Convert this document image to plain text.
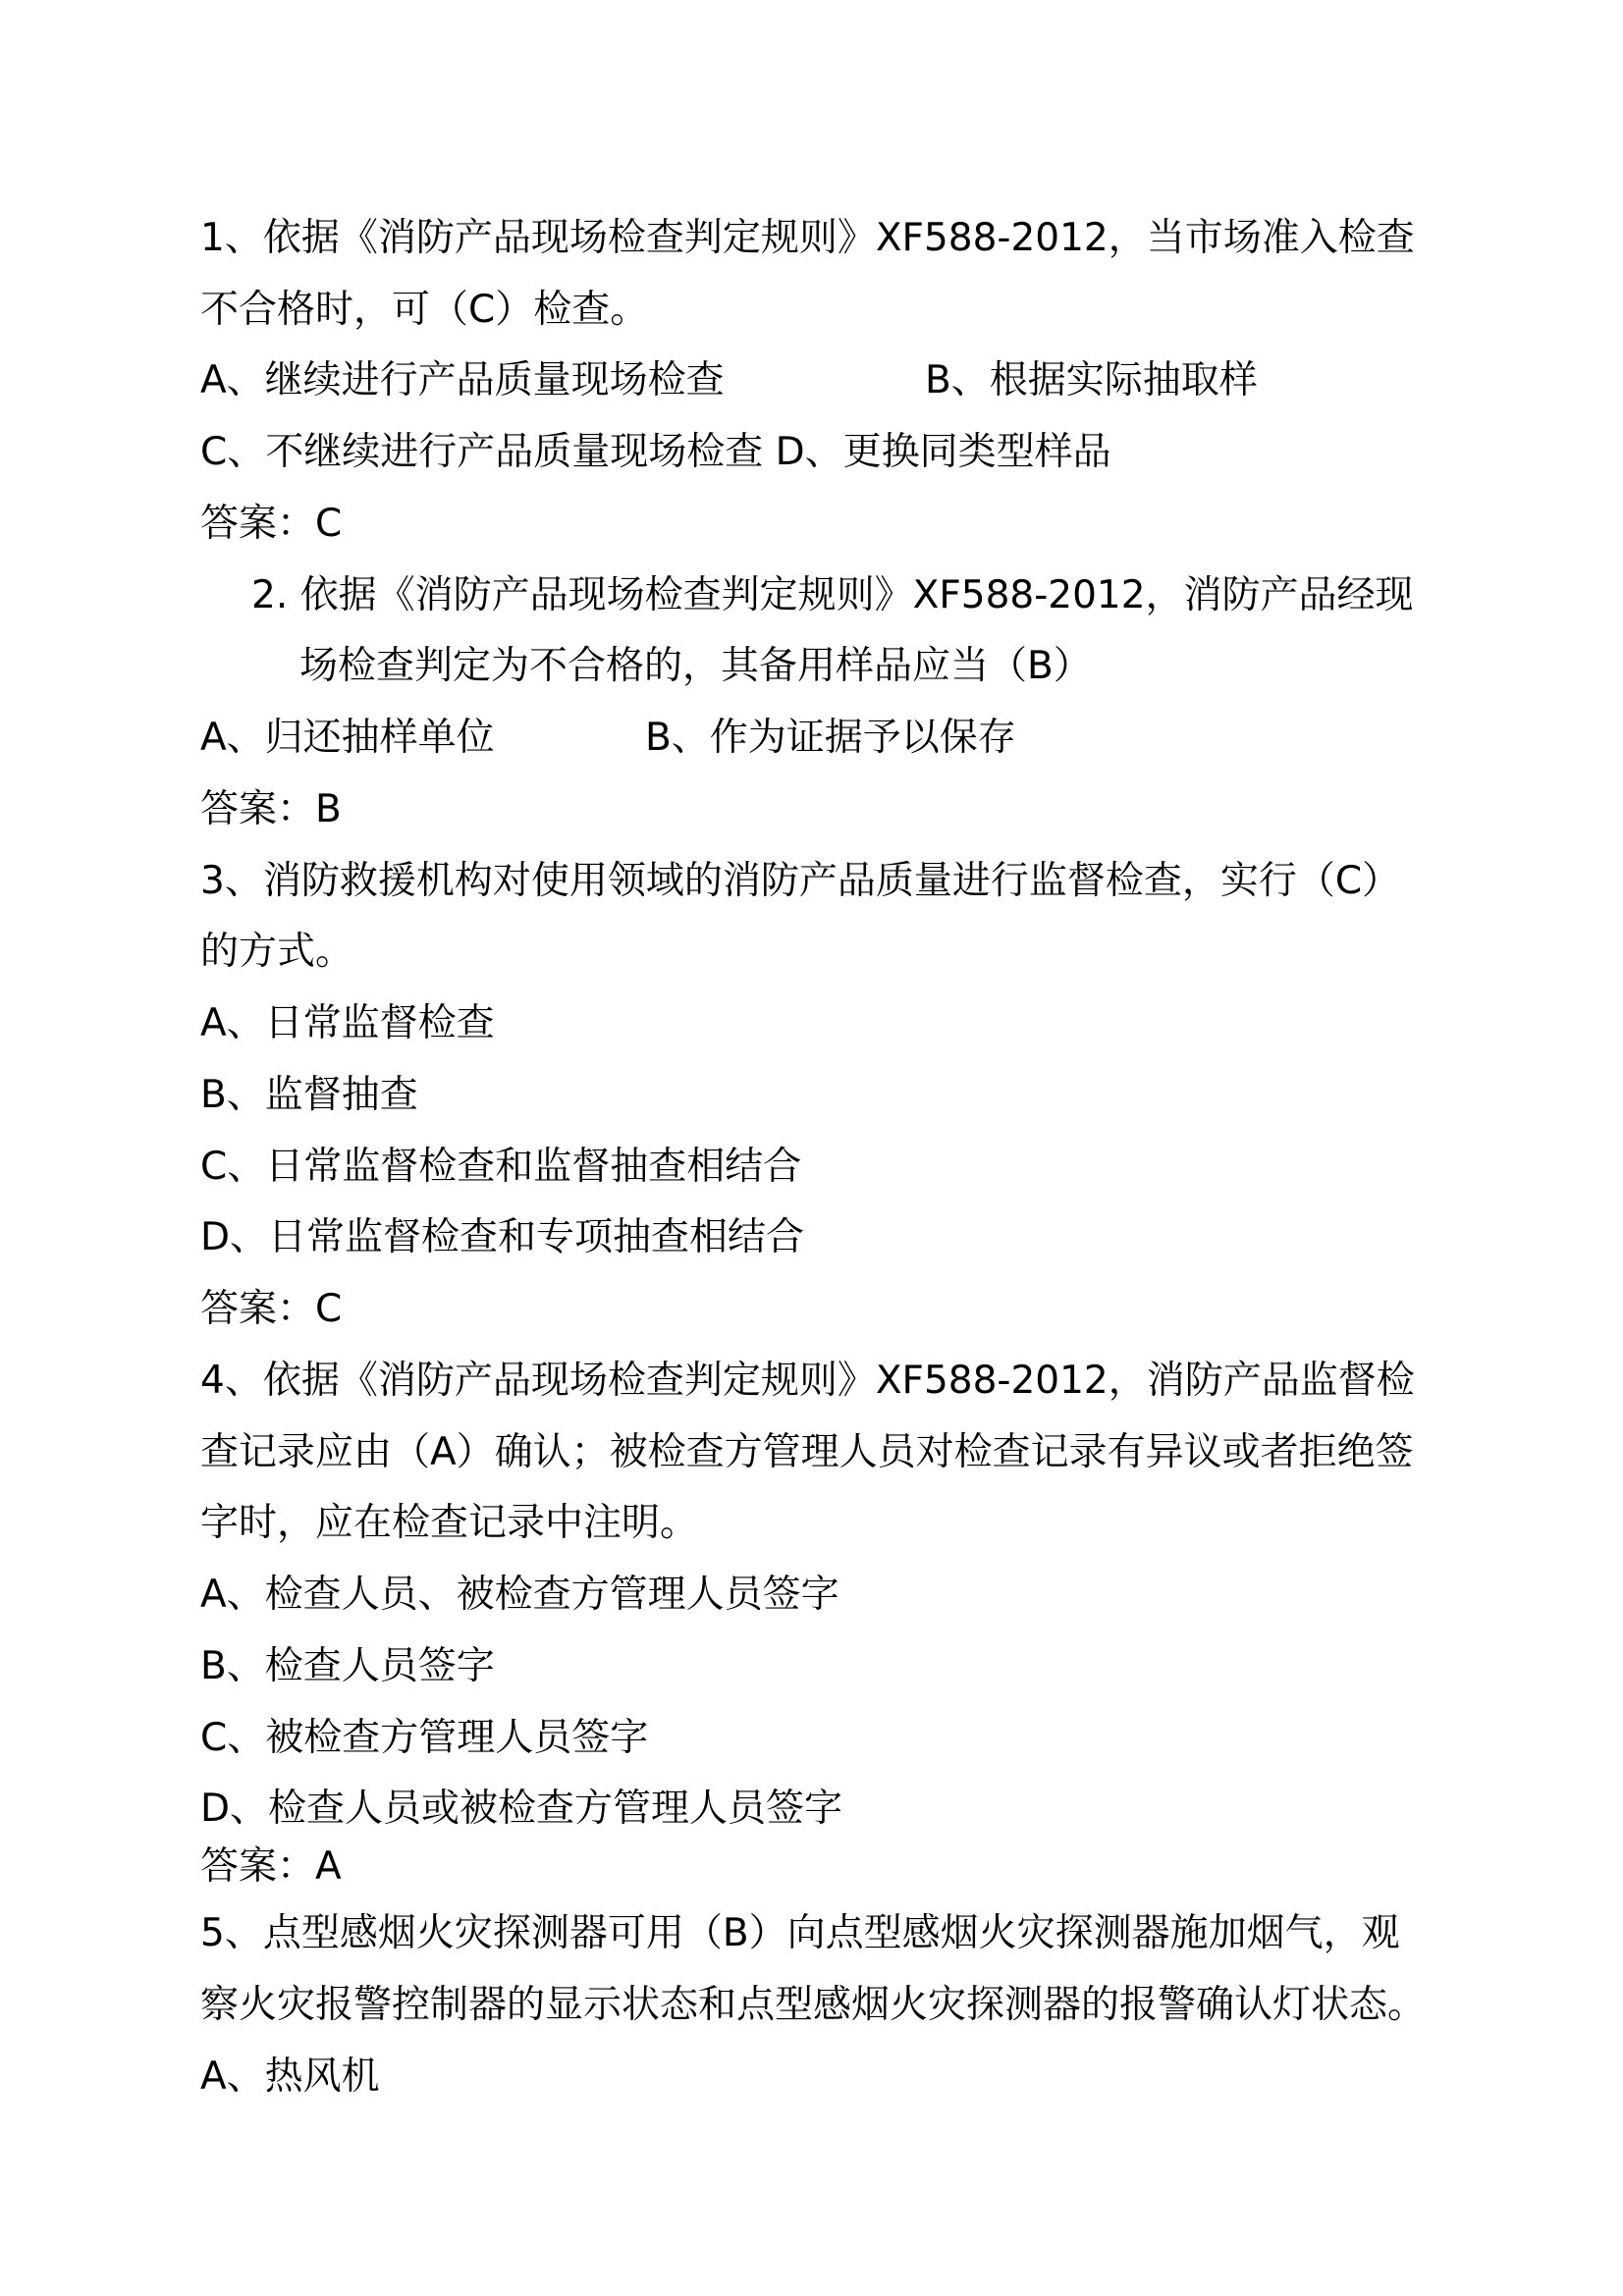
1、依据《消防产品现场检查判定规则》XF588-2012，当市场准入检查
不合格时，可（C）检查。
A、继续进行产品质量现场检查	B、根据实际抽取样
C、不继续进行产品质量现场检查 D、更换同类型样品
答案：C
2. 依据《消防产品现场检查判定规则》XF588-2012，消防产品经现
场检查判定为不合格的，其备用样品应当（B）
A、归还抽样单位	B、作为证据予以保存
答案：B
3、消防救援机构对使用领域的消防产品质量进行监督检查，实行（C）
的方式。
A、日常监督检查
B、监督抽查
C、日常监督检查和监督抽查相结合
D、日常监督检查和专项抽查相结合
答案：C
4、依据《消防产品现场检查判定规则》XF588-2012，消防产品监督检
查记录应由（A）确认；被检查方管理人员对检查记录有异议或者拒绝签
字时，应在检查记录中注明。
A、检查人员、被检查方管理人员签字
B、检查人员签字
C、被检查方管理人员签字
D、检查人员或被检查方管理人员签字
答案：A
5、点型感烟火灾探测器可用（B）向点型感烟火灾探测器施加烟气，观
察火灾报警控制器的显示状态和点型感烟火灾探测器的报警确认灯状态。
A、热风机
